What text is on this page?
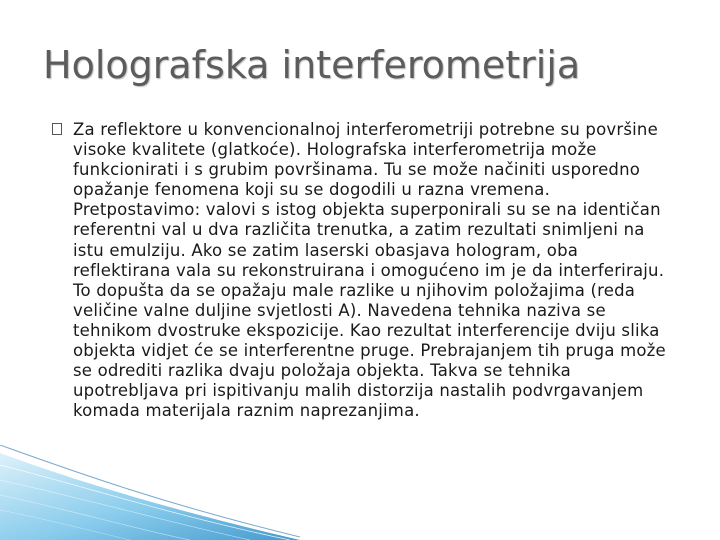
Holografska interferometrija

Za reflektore u konvencionalnoj interferometriji potrebne su površine visoke kvalitete (glatkoće). Holografska interferometrija može funkcionirati i s grubim površinama. Tu se može načiniti usporedno opažanje fenomena koji su se dogodili u razna vremena. Pretpostavimo: valovi s istog objekta superponirali su se na identičan referentni val u dva različita trenutka, a zatim rezultati snimljeni na istu emulziju. Ako se zatim laserski obasjava hologram, oba reflektirana vala su rekonstruirana i omogućeno im je da interferiraju. To dopušta da se opažaju male razlike u njihovim položajima (reda veličine valne duljine svjetlosti A). Navedena tehnika naziva se tehnikom dvostruke ekspozicije. Kao rezultat interferencije dviju slika objekta vidjet će se interferentne pruge. Prebrajanjem tih pruga može se odrediti razlika dvaju položaja objekta. Takva se tehnika upotrebljava pri ispitivanju malih distorzija nastalih podvrgavanjem komada materijala raznim naprezanjima.
